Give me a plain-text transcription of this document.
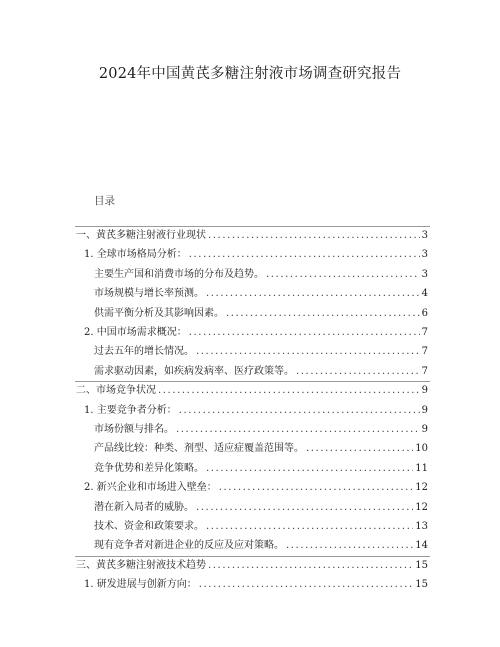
2024年中国黄芪多糖注射液市场调查研究报告
目录
一、黄芪多糖注射液行业现状 .....	3
1. 全球市场格局分析： .....	3
主要生产国和消费市场的分布及趋势。 .....	3
市场规模与增长率预测。 .....	4
供需平衡分析及其影响因素。 .....	6
2. 中国市场需求概况： .....	7
过去五年的增长情况。 .....	7
需求驱动因素，如疾病发病率、医疗政策等。 .....	7
二、市场竞争状况 .....	9
1. 主要竞争者分析： .....	9
市场份额与排名。 .....	9
产品线比较：种类、剂型、适应症覆盖范围等。 .....	10
竞争优势和差异化策略。 .....	11
2. 新兴企业和市场进入壁垒： .....	12
潜在新入局者的威胁。 .....	12
技术、资金和政策要求。 .....	13
现有竞争者对新进企业的反应及应对策略。 .....	14
三、黄芪多糖注射液技术趋势 .....	15
1. 研发进展与创新方向： .....	15
